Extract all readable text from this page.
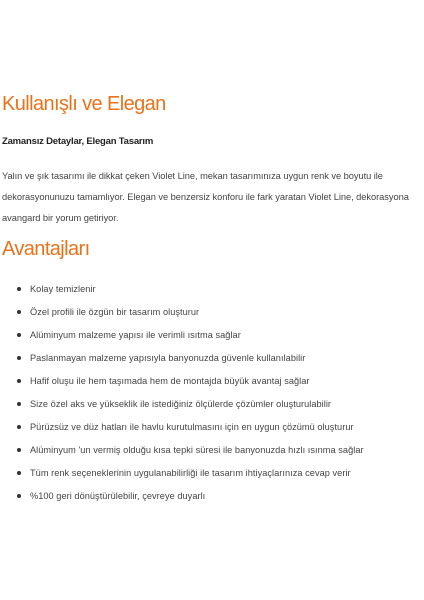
Kullanışlı ve Elegan

Zamansız Detaylar, Elegan Tasarım

Yalın ve şık tasarımı ile dikkat çeken Violet Line, mekan tasarımınıza uygun renk ve boyutu ile dekorasyonunuzu tamamlıyor. Elegan ve benzersiz konforu ile fark yaratan Violet Line, dekorasyona avangard bir yorum getiriyor.

Avantajları
Kolay temizlenir
Özel profili ile özgün bir tasarım oluşturur
Alüminyum malzeme yapısı ile verimli ısıtma sağlar
Paslanmayan malzeme yapısıyla banyonuzda güvenle kullanılabilir
Hafif oluşu ile hem taşımada hem de montajda büyük avantaj sağlar
Size özel aks ve yükseklik ile istediğiniz ölçülerde çözümler oluşturulabilir
Pürüzsüz ve düz hatları ile havlu kurutulmasını için en uygun çözümü oluşturur
Alüminyum 'un vermiş olduğu kısa tepki süresi ile banyonuzda hızlı ısınma sağlar
Tüm renk seçeneklerinin uygulanabilirliği ile tasarım ihtiyaçlarınıza cevap verir
%100 geri dönüştürülebilir, çevreye duyarlı
